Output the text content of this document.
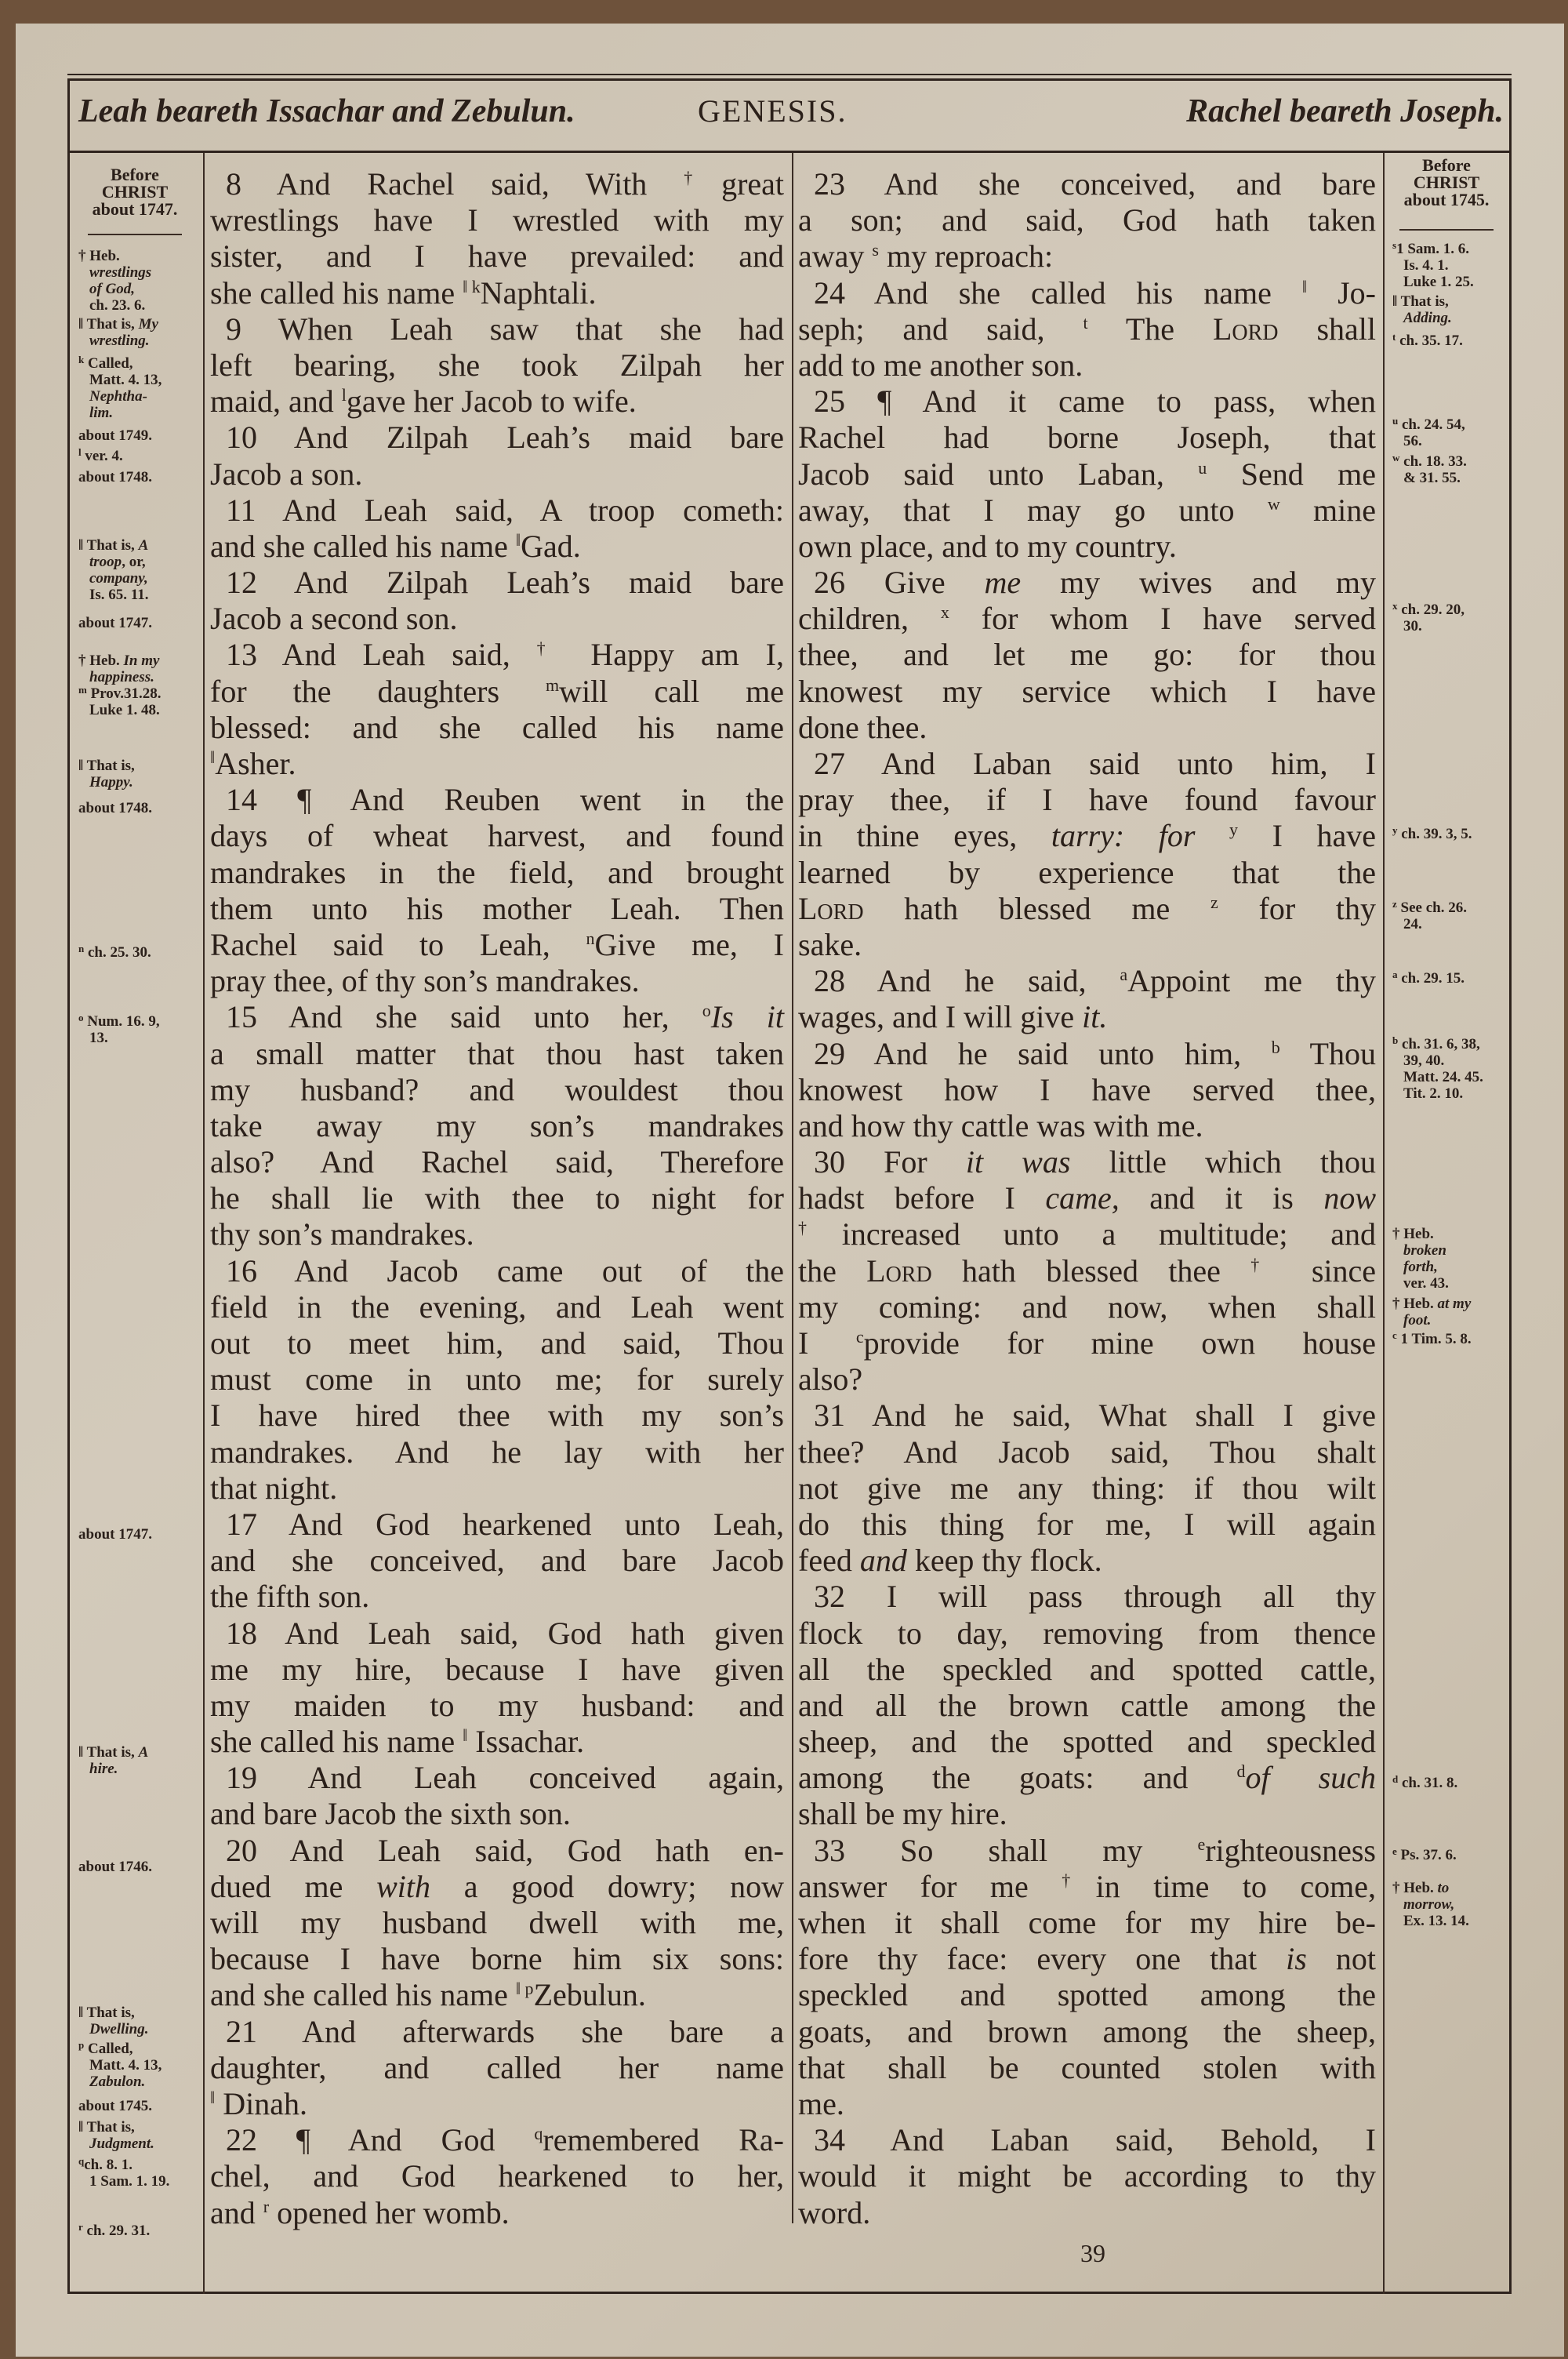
Leah beareth Issachar and Zebulun.	GENESIS.	Rachel beareth Joseph.
Before
CHRIST
about 1747.
Before
CHRIST
about 1745.
8 And Rachel said, With †great
wrestlings have I wrestled with my
sister, and I have prevailed: and
she called his name $^{‖ k}$Naphtali.
9 When Leah saw that she had
left bearing, she took Zilpah her
maid, and $^l$gave her Jacob to wife.
10 And Zilpah Leah’s maid bare
Jacob a son.
11 And Leah said, A troop cometh:
and she called his name ‖Gad.
12 And Zilpah Leah’s maid bare
Jacob a second son.
13 And Leah said, † Happy am I,
for the daughters $^m$will call me
blessed: and she called his name
‖Asher.
14 ¶ And Reuben went in the
days of wheat harvest, and found
mandrakes in the field, and brought
them unto his mother Leah. Then
Rachel said to Leah, $^n$Give me, I
pray thee, of thy son’s mandrakes.
15 And she said unto her, $^o$Is it
a small matter that thou hast taken
my husband? and wouldest thou
take away my son’s mandrakes
also? And Rachel said, Therefore
he shall lie with thee to night for
thy son’s mandrakes.
16 And Jacob came out of the
field in the evening, and Leah went
out to meet him, and said, Thou
must come in unto me; for surely
I have hired thee with my son’s
mandrakes. And he lay with her
that night.
17 And God hearkened unto Leah,
and she conceived, and bare Jacob
the fifth son.
18 And Leah said, God hath given
me my hire, because I have given
my maiden to my husband: and
she called his name ‖ Issachar.
19 And Leah conceived again,
and bare Jacob the sixth son.
20 And Leah said, God hath en-
dued me with a good dowry; now
will my husband dwell with me,
because I have borne him six sons:
and she called his name $^{‖ p}$Zebulun.
21 And afterwards she bare a
daughter, and called her name
‖ Dinah.
22 ¶ And God $^q$remembered Ra-
chel, and God hearkened to her,
and $^r$ opened her womb.
23 And she conceived, and bare
a son; and said, God hath taken
away $^s$ my reproach:
24 And she called his name ‖ Jo-
seph; and said, $^t$ The Lord shall
add to me another son.
25 ¶ And it came to pass, when
Rachel had borne Joseph, that
Jacob said unto Laban, $^u$ Send me
away, that I may go unto $^w$ mine
own place, and to my country.
26 Give me my wives and my
children, $^x$ for whom I have served
thee, and let me go: for thou
knowest my service which I have
done thee.
27 And Laban said unto him, I
pray thee, if I have found favour
in thine eyes, tarry: for $^y$ I have
learned by experience that the
Lord hath blessed me $^z$ for thy
sake.
28 And he said, $^a$Appoint me thy
wages, and I will give it.
29 And he said unto him, $^b$ Thou
knowest how I have served thee,
and how thy cattle was with me.
30 For it was little which thou
hadst before I came, and it is now
†increased unto a multitude; and
the Lord hath blessed thee † since
my coming: and now, when shall
I $^c$provide for mine own house
also?
31 And he said, What shall I give
thee? And Jacob said, Thou shalt
not give me any thing: if thou wilt
do this thing for me, I will again
feed and keep thy flock.
32 I will pass through all thy
flock to day, removing from thence
all the speckled and spotted cattle,
and all the brown cattle among the
sheep, and the spotted and speckled
among the goats: and $^d$of such
shall be my hire.
33 So shall my $^e$righteousness
answer for me †in time to come,
when it shall come for my hire be-
fore thy face: every one that is not
speckled and spotted among the
goats, and brown among the sheep,
that shall be counted stolen with
me.
34 And Laban said, Behold, I
would it might be according to thy
word.
† Heb.
wrestlings
of God,
ch. 23. 6.
‖ That is, My
wrestling.
$^k$ Called,
Matt. 4. 13,
Nephtha-
lim.
about 1749.
$^l$ ver. 4.
about 1748.
‖ That is, A
troop, or,
company,
Is. 65. 11.
about 1747.
† Heb. In my
happiness.
$^m$ Prov.31.28.
Luke 1. 48.
‖ That is,
Happy.
about 1748.
$^n$ ch. 25. 30.
$^o$ Num. 16. 9,
13.
about 1747.
‖ That is, A
hire.
about 1746.
‖ That is,
Dwelling.
$^p$ Called,
Matt. 4. 13,
Zabulon.
about 1745.
‖ That is,
Judgment.
$^q$ch. 8. 1.
1 Sam. 1. 19.
$^r$ ch. 29. 31.
$^s$1 Sam. 1. 6.
Is. 4. 1.
Luke 1. 25.
‖ That is,
Adding.
$^t$ ch. 35. 17.
$^u$ ch. 24. 54,
56.
$^w$ ch. 18. 33.
& 31. 55.
$^x$ ch. 29. 20,
30.
$^y$ ch. 39. 3, 5.
$^z$ See ch. 26.
24.
$^a$ ch. 29. 15.
$^b$ ch. 31. 6, 38,
39, 40.
Matt. 24. 45.
Tit. 2. 10.
† Heb.
broken
forth,
ver. 43.
† Heb. at my
foot.
$^c$ 1 Tim. 5. 8.
$^d$ ch. 31. 8.
$^e$ Ps. 37. 6.
† Heb. to
morrow,
Ex. 13. 14.
39
